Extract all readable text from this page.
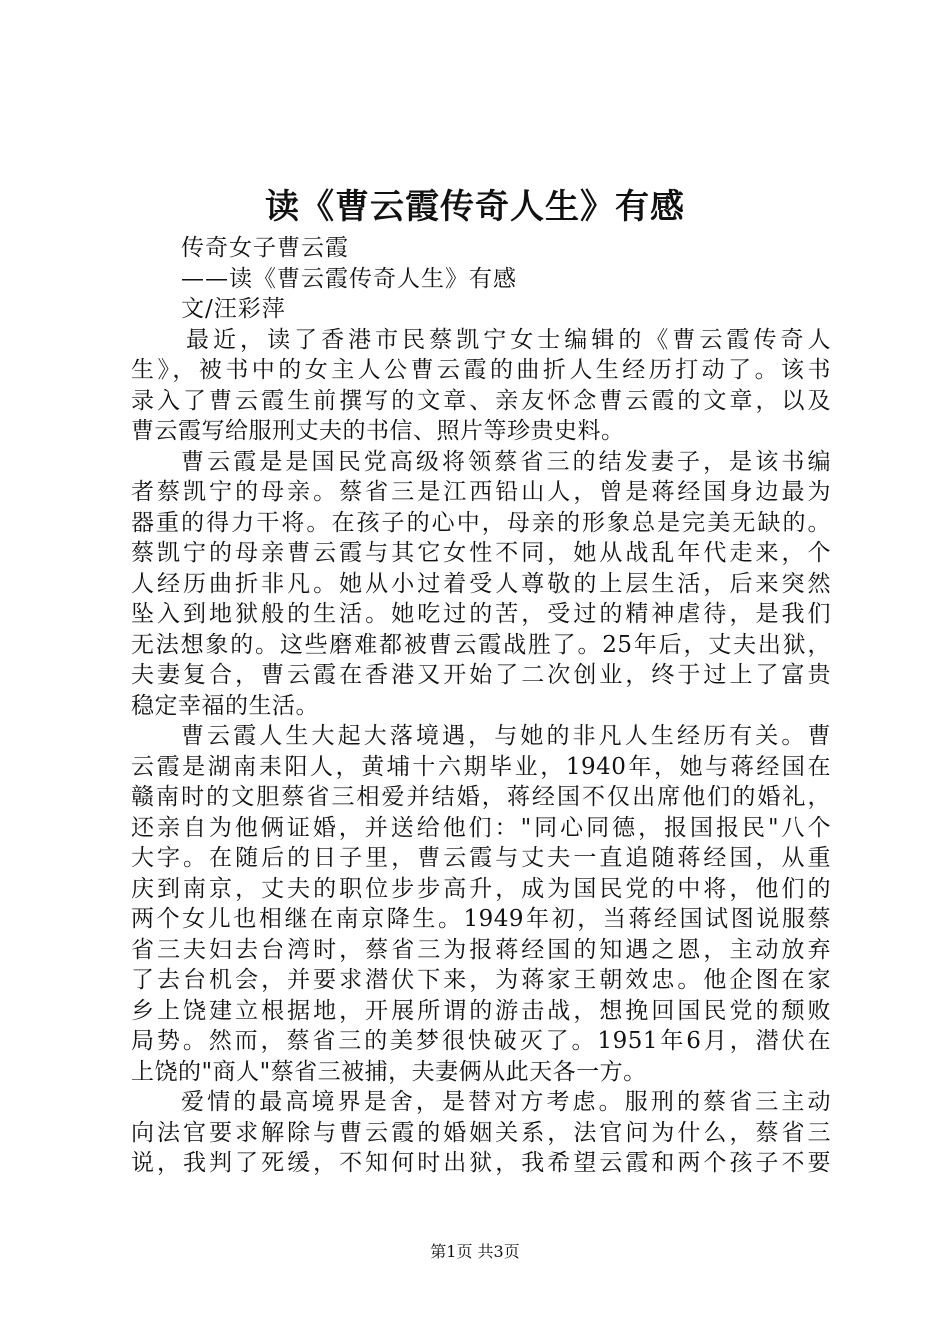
读《曹云霞传奇人生》有感
传奇女子曹云霞
——读《曹云霞传奇人生》有感
文/汪彩萍
最近，读了香港市民蔡凯宁女士编辑的《曹云霞传奇人
生》，被书中的女主人公曹云霞的曲折人生经历打动了。该书
录入了曹云霞生前撰写的文章、亲友怀念曹云霞的文章，以及
曹云霞写给服刑丈夫的书信、照片等珍贵史料。
曹云霞是是国民党高级将领蔡省三的结发妻子，是该书编
者蔡凯宁的母亲。蔡省三是江西铅山人，曾是蒋经国身边最为
器重的得力干将。在孩子的心中，母亲的形象总是完美无缺的。
蔡凯宁的母亲曹云霞与其它女性不同，她从战乱年代走来，个
人经历曲折非凡。她从小过着受人尊敬的上层生活，后来突然
坠入到地狱般的生活。她吃过的苦，受过的精神虐待，是我们
无法想象的。这些磨难都被曹云霞战胜了。25年后，丈夫出狱，
夫妻复合，曹云霞在香港又开始了二次创业，终于过上了富贵
稳定幸福的生活。
曹云霞人生大起大落境遇，与她的非凡人生经历有关。曹
云霞是湖南耒阳人，黄埔十六期毕业，1940年，她与蒋经国在
赣南时的文胆蔡省三相爱并结婚，蒋经国不仅出席他们的婚礼，
还亲自为他俩证婚，并送给他们："同心同德，报国报民"八个
大字。在随后的日子里，曹云霞与丈夫一直追随蒋经国，从重
庆到南京，丈夫的职位步步高升，成为国民党的中将，他们的
两个女儿也相继在南京降生。1949年初，当蒋经国试图说服蔡
省三夫妇去台湾时，蔡省三为报蒋经国的知遇之恩，主动放弃
了去台机会，并要求潜伏下来，为蒋家王朝效忠。他企图在家
乡上饶建立根据地，开展所谓的游击战，想挽回国民党的颓败
局势。然而，蔡省三的美梦很快破灭了。1951年6月，潜伏在
上饶的"商人"蔡省三被捕，夫妻俩从此天各一方。
爱情的最高境界是舍，是替对方考虑。服刑的蔡省三主动
向法官要求解除与曹云霞的婚姻关系，法官问为什么，蔡省三
说，我判了死缓，不知何时出狱，我希望云霞和两个孩子不要
第1页 共3页
